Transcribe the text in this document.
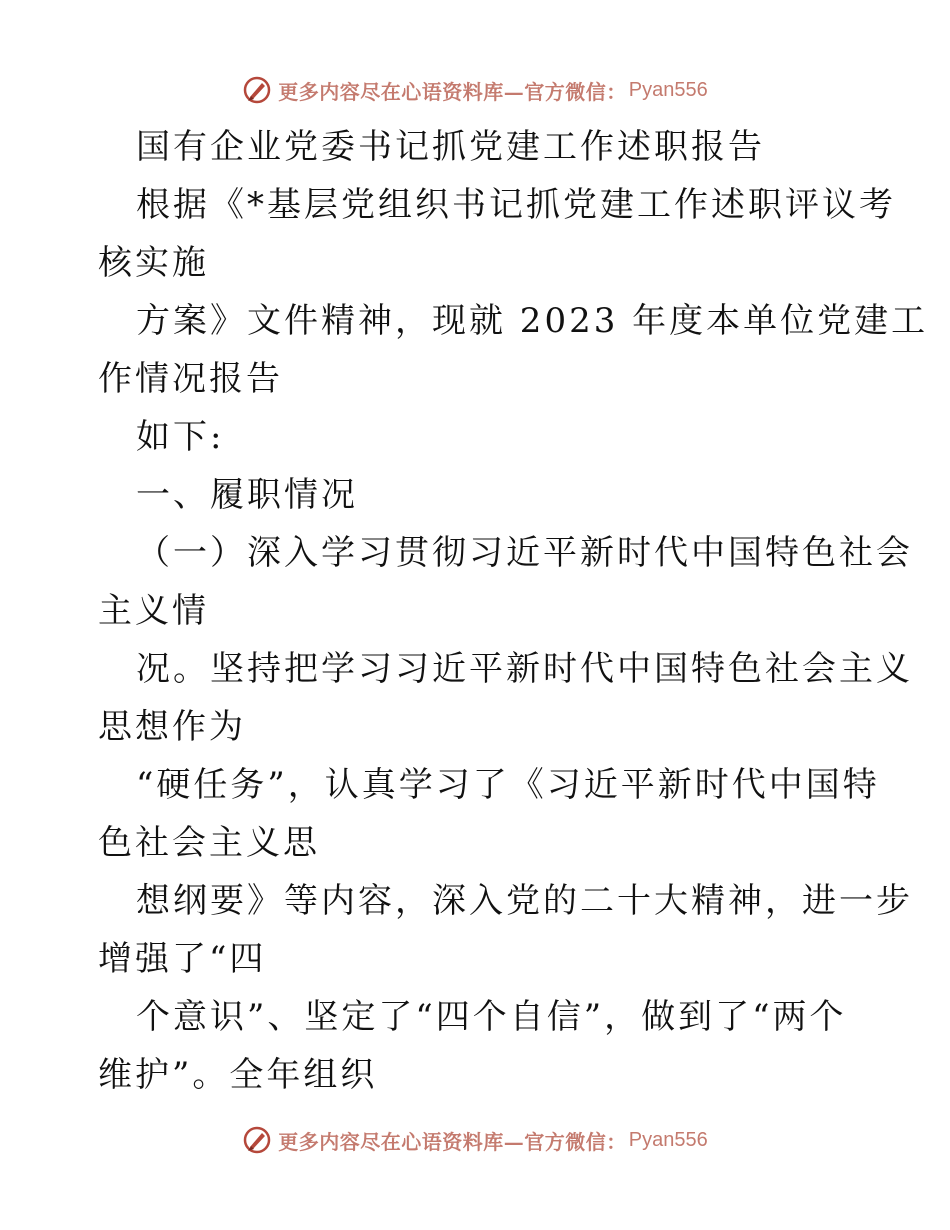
更多内容尽在心语资料库—官方微信： Pyan556
国有企业党委书记抓党建工作述职报告
根据《*基层党组织书记抓党建工作述职评议考
核实施
方案》文件精神，现就 2023 年度本单位党建工
作情况报告
如下:
一、履职情况
（一）深入学习贯彻习近平新时代中国特色社会
主义情
况。坚持把学习习近平新时代中国特色社会主义
思想作为
“硬任务”，认真学习了《习近平新时代中国特
色社会主义思
想纲要》等内容，深入党的二十大精神，进一步
增强了“四
个意识”、坚定了“四个自信”，做到了“两个
维护”。全年组织
更多内容尽在心语资料库—官方微信： Pyan556
